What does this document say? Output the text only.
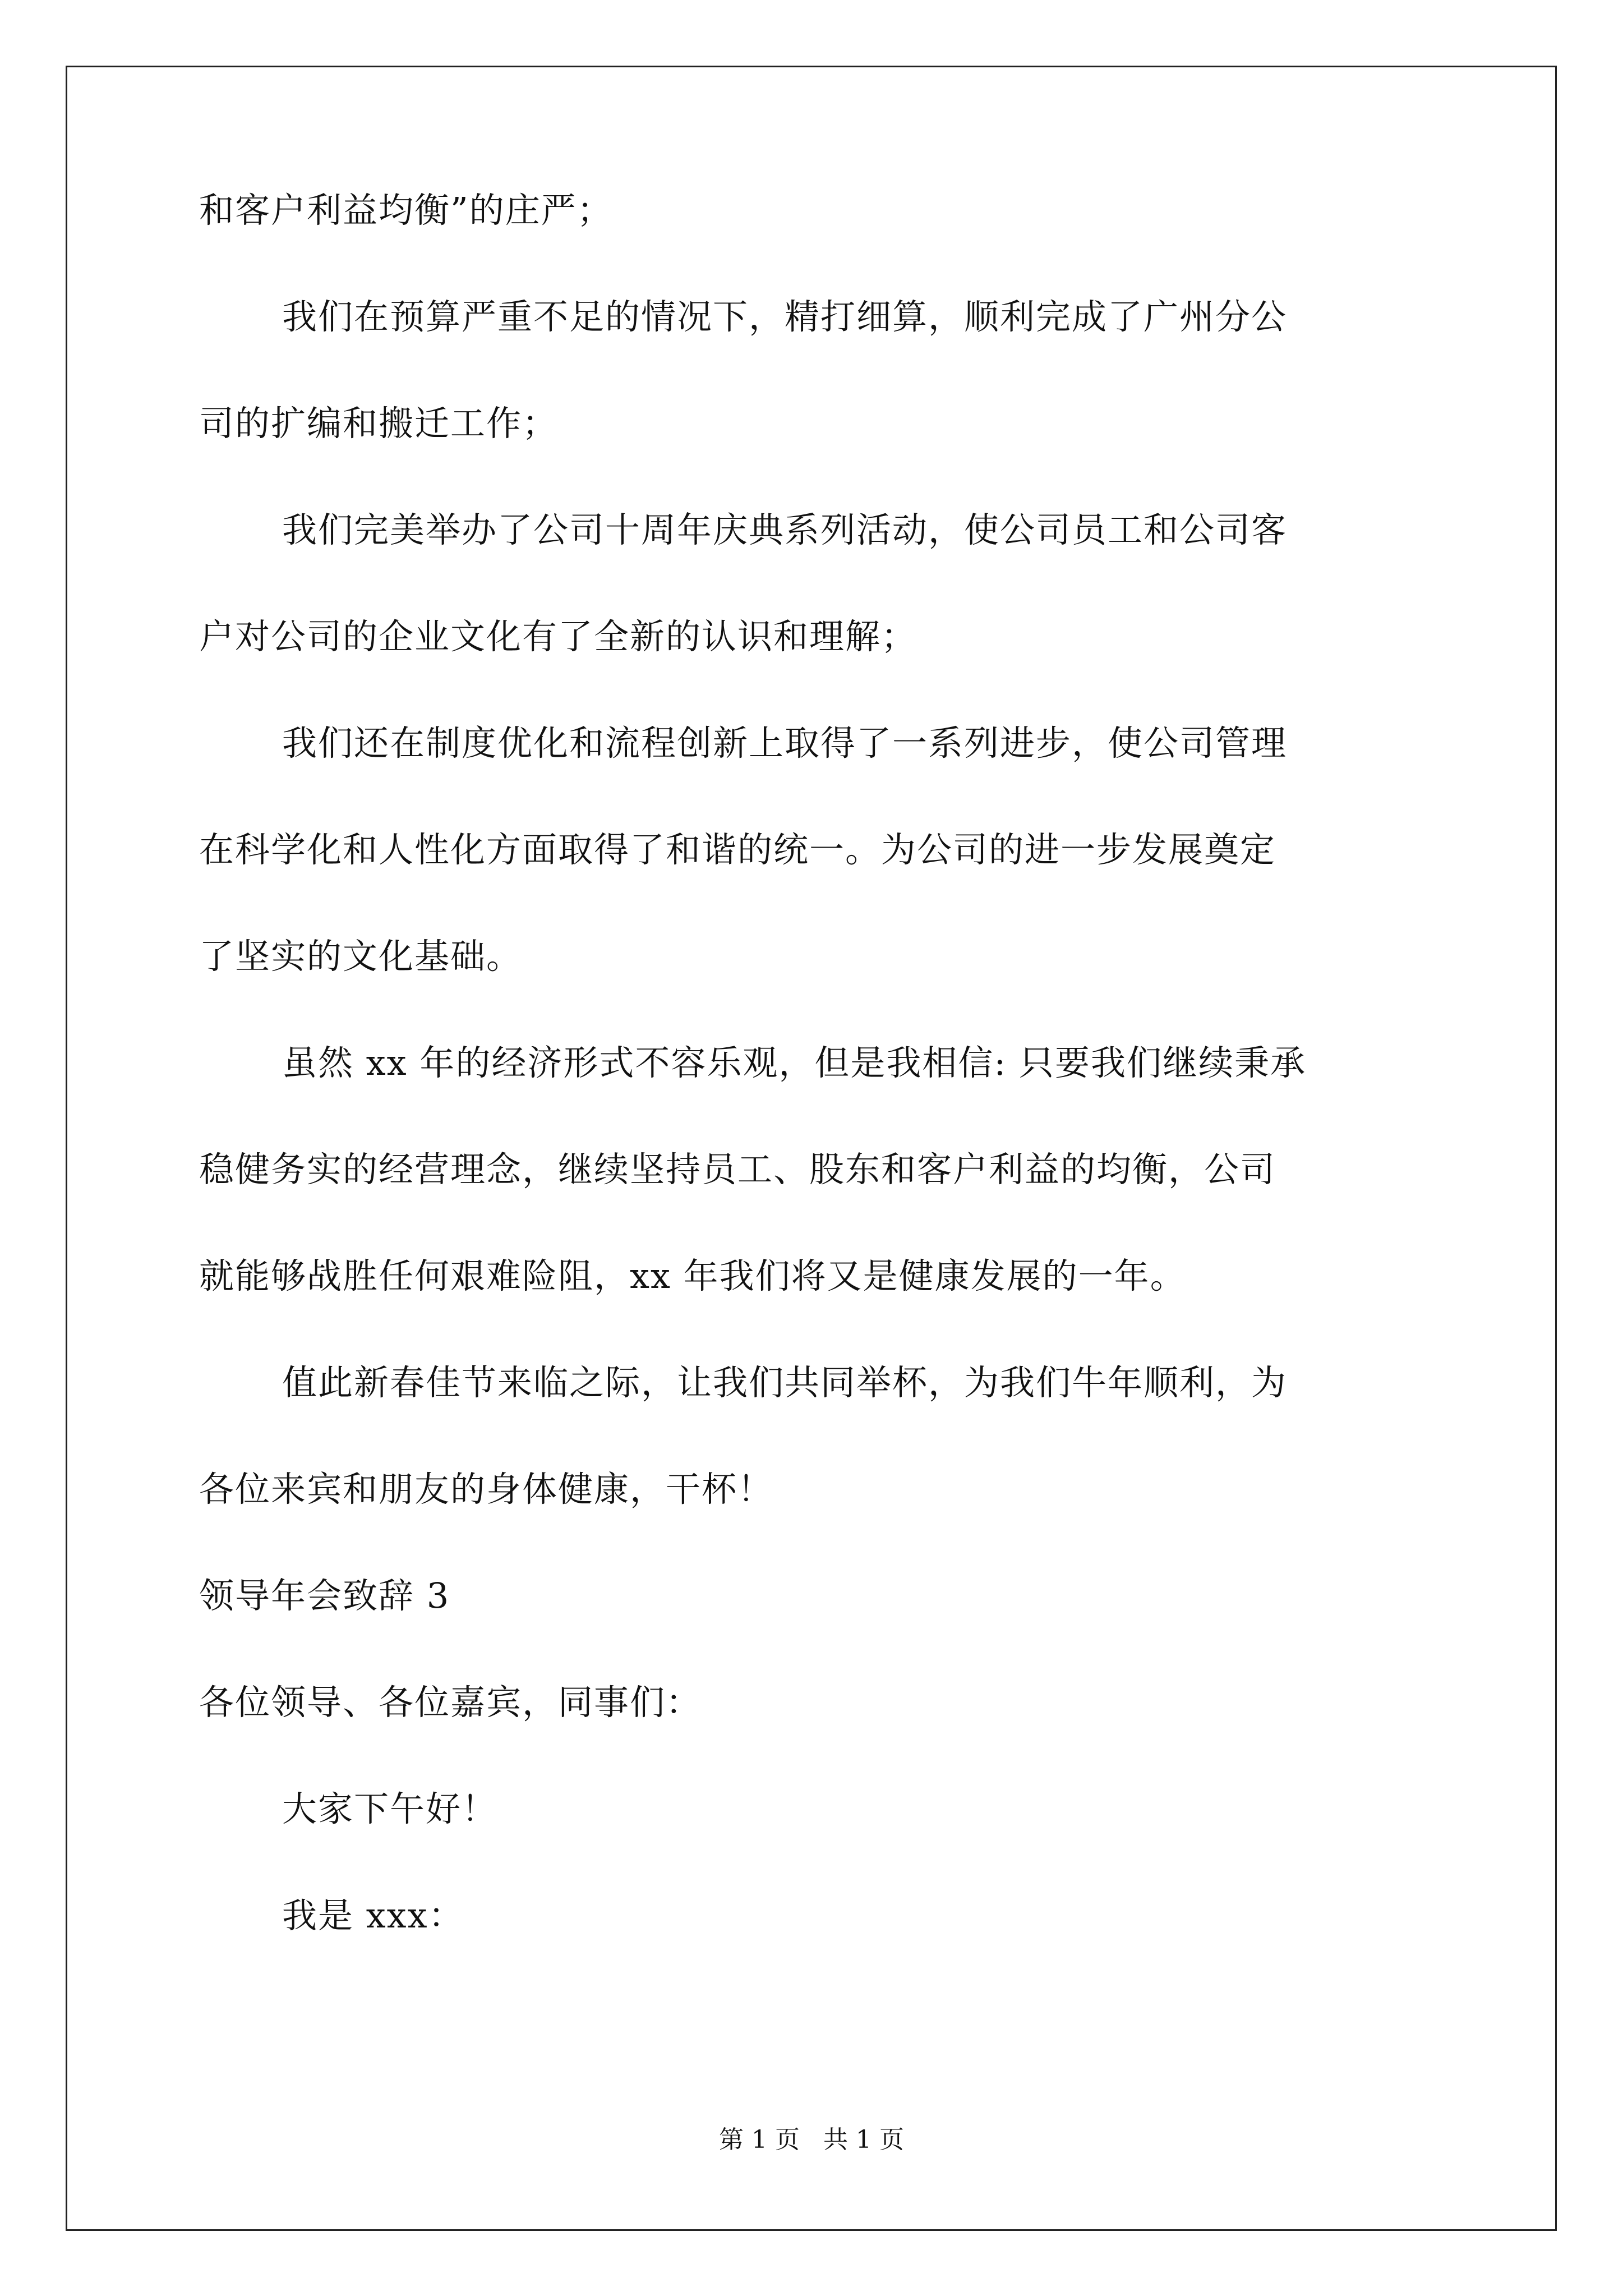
和客户利益均衡”的庄严；
我们在预算严重不足的情况下，精打细算，顺利完成了广州分公
司的扩编和搬迁工作；
我们完美举办了公司十周年庆典系列活动，使公司员工和公司客
户对公司的企业文化有了全新的认识和理解；
我们还在制度优化和流程创新上取得了一系列进步，使公司管理
在科学化和人性化方面取得了和谐的统一。为公司的进一步发展奠定
了坚实的文化基础。
虽然 xx 年的经济形式不容乐观，但是我相信: 只要我们继续秉承
稳健务实的经营理念，继续坚持员工、股东和客户利益的均衡，公司
就能够战胜任何艰难险阻，xx 年我们将又是健康发展的一年。
值此新春佳节来临之际，让我们共同举杯，为我们牛年顺利，为
各位来宾和朋友的身体健康，干杯！
领导年会致辞 3
各位领导、各位嘉宾，同事们：
大家下午好！
我是 xxx：
第 1 页 共 1 页
